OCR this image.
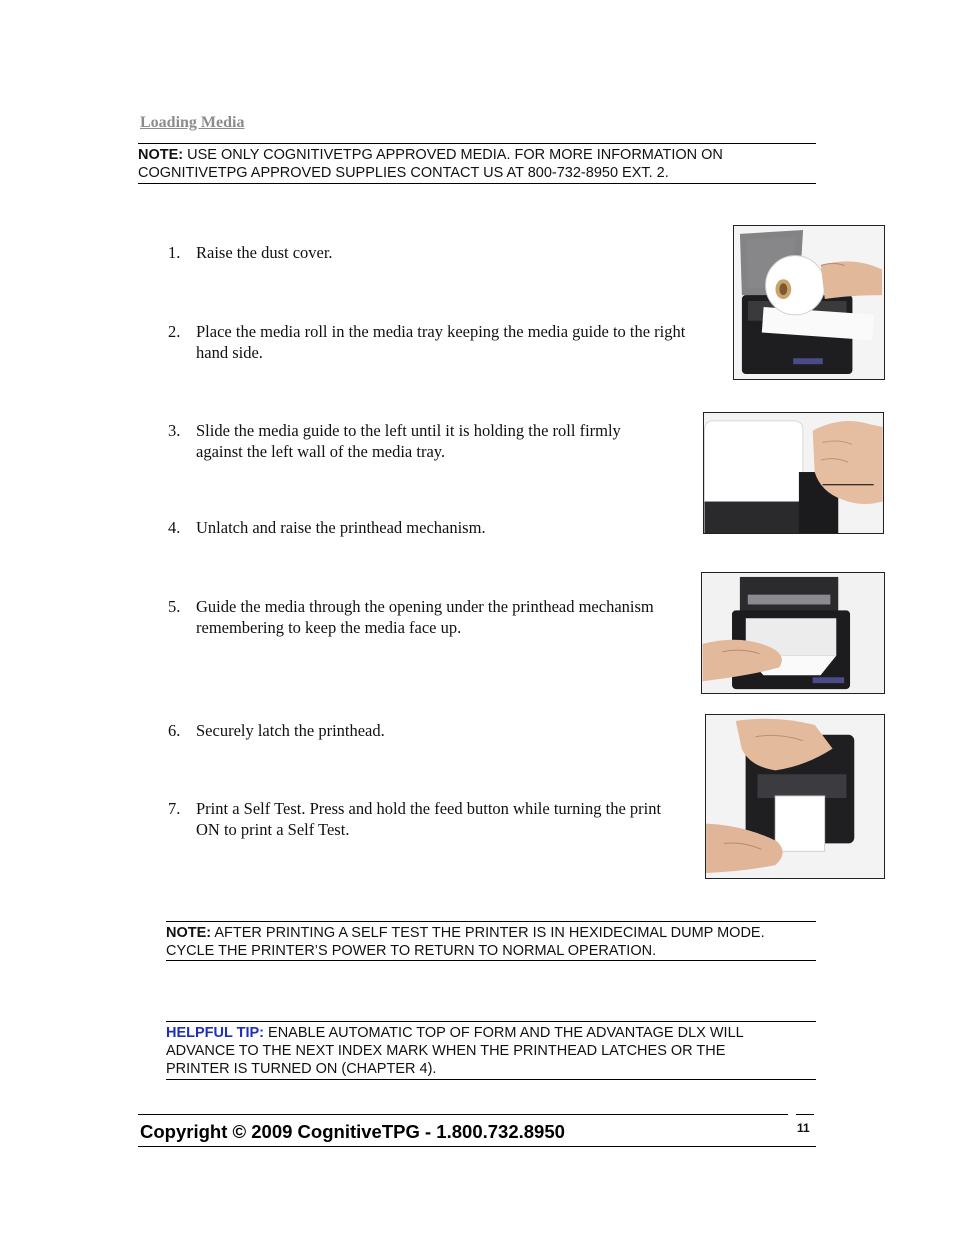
Loading Media
NOTE: USE ONLY COGNITIVETPG APPROVED MEDIA. FOR MORE INFORMATION ON
COGNITIVETPG APPROVED SUPPLIES CONTACT US AT 800-732-8950 EXT. 2.
1. Raise the dust cover.
2. Place the media roll in the media tray keeping the media guide to the right hand side.
3. Slide the media guide to the left until it is holding the roll firmly against the left wall of the media tray.
4. Unlatch and raise the printhead mechanism.
5. Guide the media through the opening under the printhead mechanism remembering to keep the media face up.
6. Securely latch the printhead.
7. Print a Self Test. Press and hold the feed button while turning the print ON to print a Self Test.
NOTE: AFTER PRINTING A SELF TEST THE PRINTER IS IN HEXIDECIMAL DUMP MODE.
CYCLE THE PRINTER’S POWER TO RETURN TO NORMAL OPERATION.
HELPFUL TIP: ENABLE AUTOMATIC TOP OF FORM AND THE ADVANTAGE DLX WILL
ADVANCE TO THE NEXT INDEX MARK WHEN THE PRINTHEAD LATCHES OR THE
PRINTER IS TURNED ON (CHAPTER 4).
Copyright © 2009 CognitiveTPG - 1.800.732.8950	11
